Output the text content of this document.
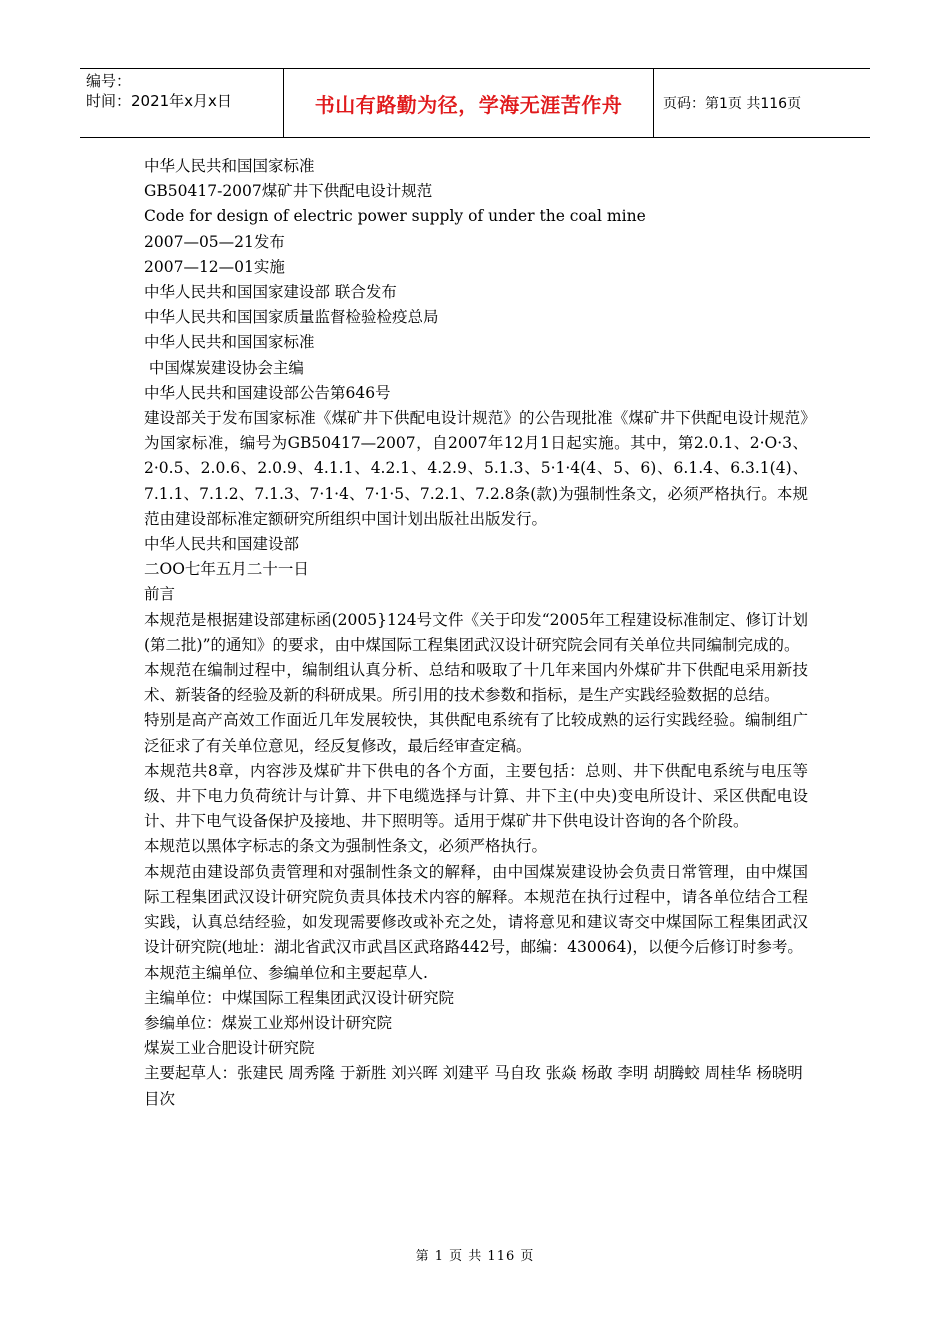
编号：
时间：2021年x月x日	书山有路勤为径，学海无涯苦作舟	页码：第1页 共116页

中华人民共和国国家标准

GB50417-2007煤矿井下供配电设计规范

Code for design of electric power supply of under the coal mine

2007—05—21发布

2007—12—01实施

中华人民共和国国家建设部 联合发布

中华人民共和国国家质量监督检验检疫总局

中华人民共和国国家标准

中国煤炭建设协会主编

中华人民共和国建设部公告第646号

建设部关于发布国家标准《煤矿井下供配电设计规范》的公告现批准《煤矿井下供配电设计规范》为国家标准，编号为GB50417—2007，自2007年12月1日起实施。其中，第2.0.1、2·O·3、2·0.5、2.0.6、2.0.9、4.1.1、4.2.1、4.2.9、5.1.3、5·1·4(4、5、6)、6.1.4、6.3.1(4)、7.1.1、7.1.2、7.1.3、7·1·4、7·1·5、7.2.1、7.2.8条(款)为强制性条文，必须严格执行。本规范由建设部标准定额研究所组织中国计划出版社出版发行。

中华人民共和国建设部

二OO七年五月二十一日

前言

本规范是根据建设部建标函(2005}124号文件《关于印发“2005年工程建设标准制定、修订计划(第二批)”的通知》的要求，由中煤国际工程集团武汉设计研究院会同有关单位共同编制完成的。

本规范在编制过程中，编制组认真分析、总结和吸取了十几年来国内外煤矿井下供配电采用新技术、新装备的经验及新的科研成果。所引用的技术参数和指标，是生产实践经验数据的总结。

特别是高产高效工作面近几年发展较快，其供配电系统有了比较成熟的运行实践经验。编制组广泛征求了有关单位意见，经反复修改，最后经审查定稿。

本规范共8章，内容涉及煤矿井下供电的各个方面，主要包括：总则、井下供配电系统与电压等级、井下电力负荷统计与计算、井下电缆选择与计算、井下主(中央)变电所设计、采区供配电设计、井下电气设备保护及接地、井下照明等。适用于煤矿井下供电设计咨询的各个阶段。

本规范以黑体字标志的条文为强制性条文，必须严格执行。

本规范由建设部负责管理和对强制性条文的解释，由中国煤炭建设协会负责日常管理，由中煤国际工程集团武汉设计研究院负责具体技术内容的解释。本规范在执行过程中，请各单位结合工程实践，认真总结经验，如发现需要修改或补充之处，请将意见和建议寄交中煤国际工程集团武汉设计研究院(地址：湖北省武汉市武昌区武珞路442号，邮编：430064)，以便今后修订时参考。

本规范主编单位、参编单位和主要起草人.

主编单位：中煤国际工程集团武汉设计研究院

参编单位：煤炭工业郑州设计研究院

煤炭工业合肥设计研究院

主要起草人：张建民 周秀隆 于新胜 刘兴晖 刘建平 马自玫 张焱 杨敢 李明 胡腾蛟 周桂华 杨晓明

目次

第 1 页 共 116 页
